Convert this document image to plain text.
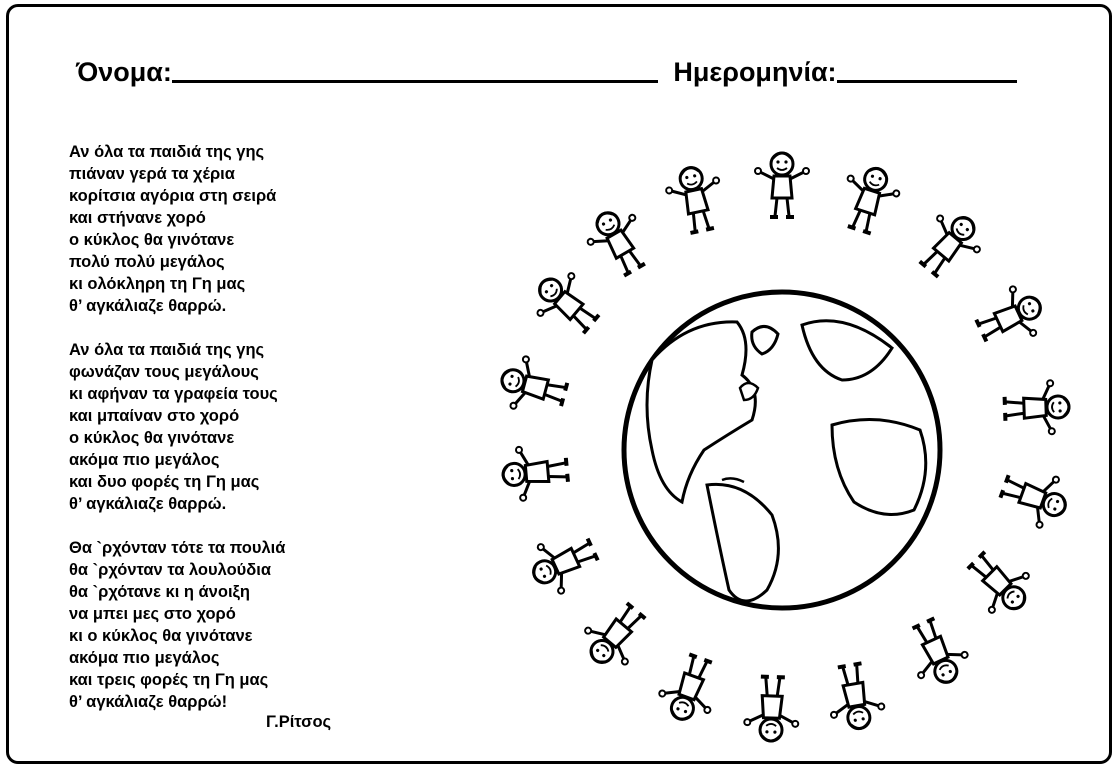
Όνομα:	Ημερομηνία:
Αν όλα τα παιδιά της γης
πιάναν γερά τα χέρια
κορίτσια αγόρια στη σειρά
και στήνανε χορό
ο κύκλος θα γινότανε
πολύ πολύ μεγάλος
κι ολόκληρη τη Γη μας
θ’ αγκάλιαζε θαρρώ.
Αν όλα τα παιδιά της γης
φωνάζαν τους μεγάλους
κι αφήναν τα γραφεία τους
και μπαίναν στο χορό
ο κύκλος θα γινότανε
ακόμα πιο μεγάλος
και δυο φορές τη Γη μας
θ’ αγκάλιαζε θαρρώ.
Θα `ρχόνταν τότε τα πουλιά
θα `ρχόνταν τα λουλούδια
θα `ρχότανε κι η άνοιξη
να μπει μες στο χορό
κι ο κύκλος θα γινότανε
ακόμα πιο μεγάλος
και τρεις φορές τη Γη μας
θ’ αγκάλιαζε θαρρώ!
Γ.Ρίτσος
